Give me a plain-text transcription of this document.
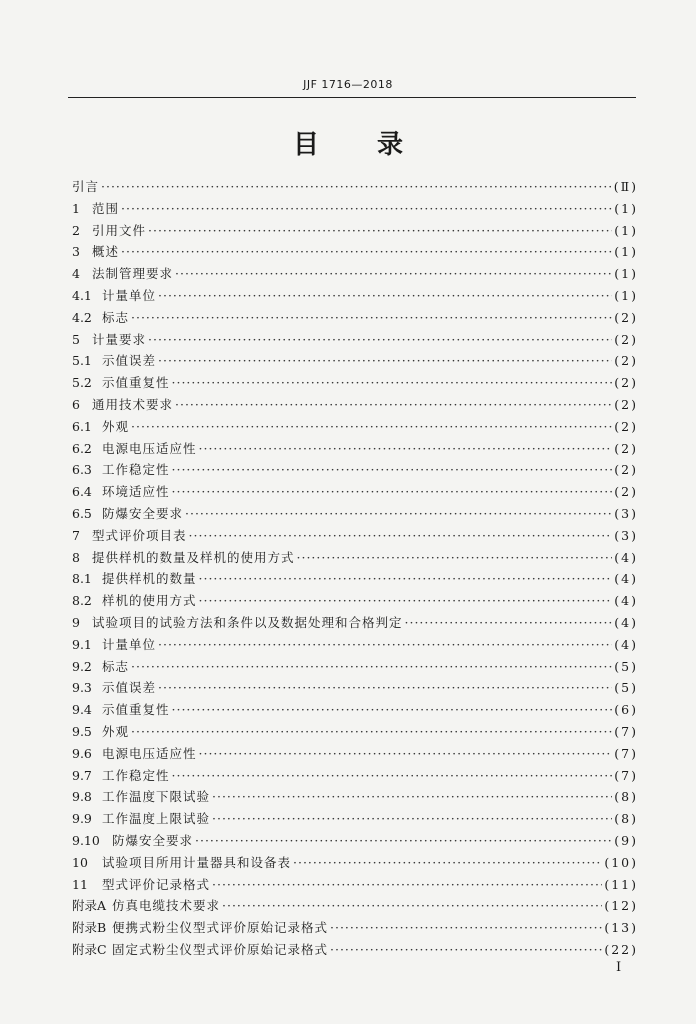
JJF 1716—2018
目录
引言 ·····	(Ⅱ)
1 范围 ·····	(1)
2 引用文件 ·····	(1)
3 概述 ·····	(1)
4 法制管理要求 ·····	(1)
4.1 计量单位 ·····	(1)
4.2 标志 ·····	(2)
5 计量要求 ·····	(2)
5.1 示值误差 ·····	(2)
5.2 示值重复性 ·····	(2)
6 通用技术要求 ·····	(2)
6.1 外观 ·····	(2)
6.2 电源电压适应性 ·····	(2)
6.3 工作稳定性 ·····	(2)
6.4 环境适应性 ·····	(2)
6.5 防爆安全要求 ·····	(3)
7 型式评价项目表 ·····	(3)
8 提供样机的数量及样机的使用方式 ·····	(4)
8.1 提供样机的数量 ·····	(4)
8.2 样机的使用方式 ·····	(4)
9 试验项目的试验方法和条件以及数据处理和合格判定 ·····	(4)
9.1 计量单位 ·····	(4)
9.2 标志 ·····	(5)
9.3 示值误差 ·····	(5)
9.4 示值重复性 ·····	(6)
9.5 外观 ·····	(7)
9.6 电源电压适应性 ·····	(7)
9.7 工作稳定性 ·····	(7)
9.8 工作温度下限试验 ·····	(8)
9.9 工作温度上限试验 ·····	(8)
9.10 防爆安全要求 ·····	(9)
10	试验项目所用计量器具和设备表 ·····	(10)
11	型式评价记录格式 ·····	(11)
附录A 仿真电缆技术要求 ·····	(12)
附录B 便携式粉尘仪型式评价原始记录格式 ·····	(13)
附录C 固定式粉尘仪型式评价原始记录格式 ·····	(22)
Ⅰ
